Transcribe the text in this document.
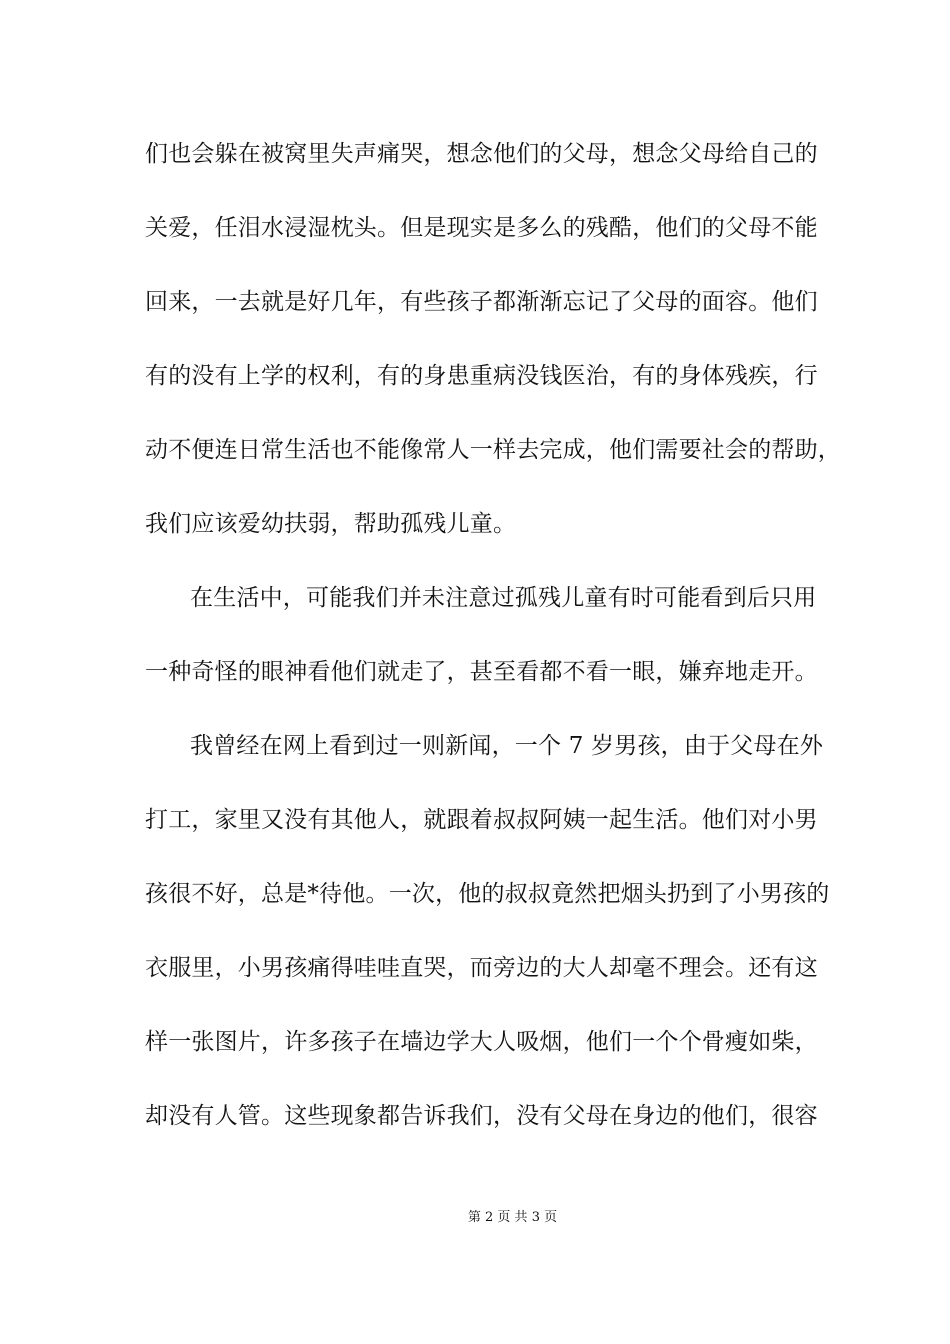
们也会躲在被窝里失声痛哭，想念他们的父母，想念父母给自己的
关爱，任泪水浸湿枕头。但是现实是多么的残酷，他们的父母不能
回来，一去就是好几年，有些孩子都渐渐忘记了父母的面容。他们
有的没有上学的权利，有的身患重病没钱医治，有的身体残疾，行
动不便连日常生活也不能像常人一样去完成，他们需要社会的帮助，
我们应该爱幼扶弱，帮助孤残儿童。
在生活中，可能我们并未注意过孤残儿童有时可能看到后只用
一种奇怪的眼神看他们就走了，甚至看都不看一眼，嫌弃地走开。
我曾经在网上看到过一则新闻，一个 7 岁男孩，由于父母在外
打工，家里又没有其他人，就跟着叔叔阿姨一起生活。他们对小男
孩很不好，总是*待他。一次，他的叔叔竟然把烟头扔到了小男孩的
衣服里，小男孩痛得哇哇直哭，而旁边的大人却毫不理会。还有这
样一张图片，许多孩子在墙边学大人吸烟，他们一个个骨瘦如柴，
却没有人管。这些现象都告诉我们，没有父母在身边的他们，很容
第 2 页 共 3 页
